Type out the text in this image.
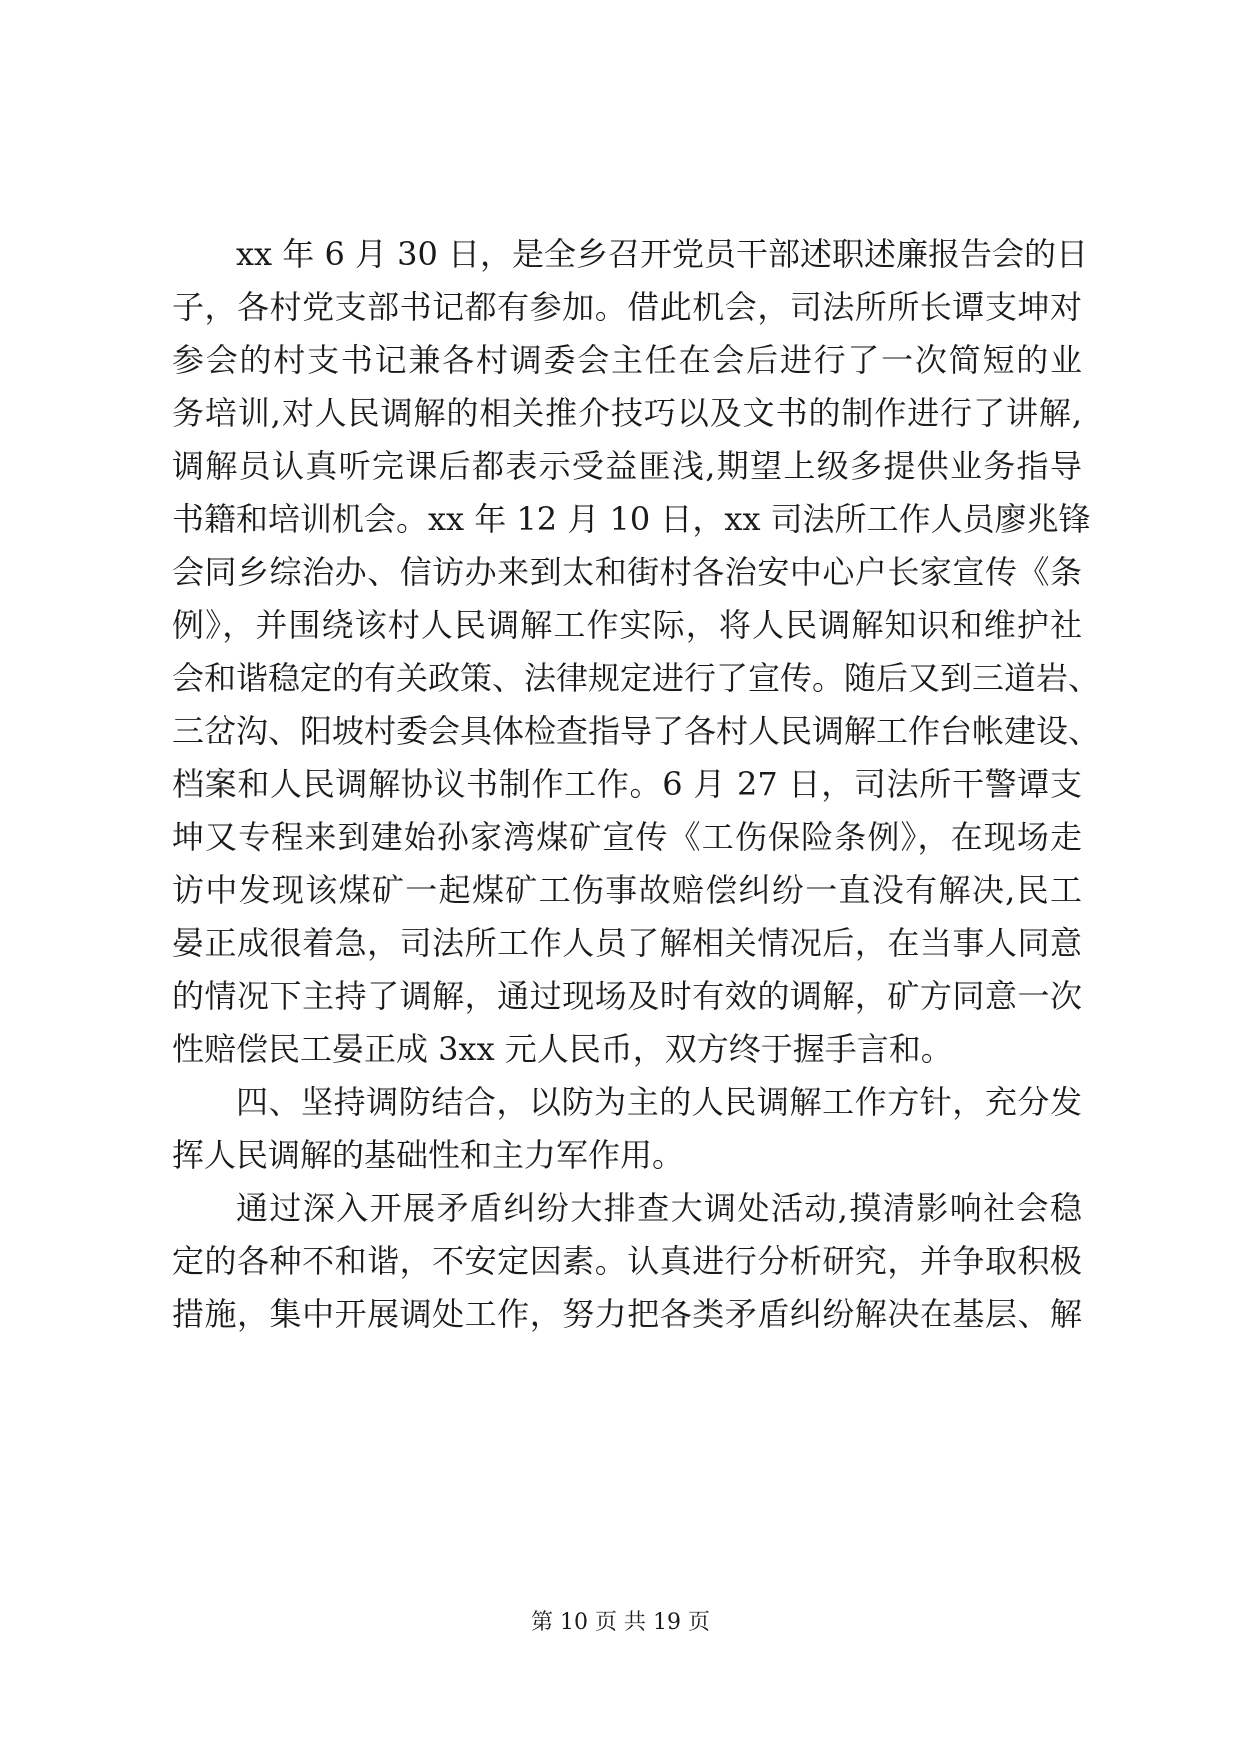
xx 年 6 月 30 日，是全乡召开党员干部述职述廉报告会的日
子，各村党支部书记都有参加。借此机会，司法所所长谭支坤对
参会的村支书记兼各村调委会主任在会后进行了一次简短的业
务培训,对人民调解的相关推介技巧以及文书的制作进行了讲解,
调解员认真听完课后都表示受益匪浅,期望上级多提供业务指导
书籍和培训机会。xx 年 12 月 10 日，xx 司法所工作人员廖兆锋
会同乡综治办、信访办来到太和街村各治安中心户长家宣传《条
例》，并围绕该村人民调解工作实际，将人民调解知识和维护社
会和谐稳定的有关政策、法律规定进行了宣传。随后又到三道岩、
三岔沟、阳坡村委会具体检查指导了各村人民调解工作台帐建设、
档案和人民调解协议书制作工作。6 月 27 日，司法所干警谭支
坤又专程来到建始孙家湾煤矿宣传《工伤保险条例》，在现场走
访中发现该煤矿一起煤矿工伤事故赔偿纠纷一直没有解决,民工
晏正成很着急，司法所工作人员了解相关情况后，在当事人同意
的情况下主持了调解，通过现场及时有效的调解，矿方同意一次
性赔偿民工晏正成 3xx 元人民币，双方终于握手言和。
四、坚持调防结合，以防为主的人民调解工作方针，充分发
挥人民调解的基础性和主力军作用。
通过深入开展矛盾纠纷大排查大调处活动,摸清影响社会稳
定的各种不和谐，不安定因素。认真进行分析研究，并争取积极
措施，集中开展调处工作，努力把各类矛盾纠纷解决在基层、解
第 10 页 共 19 页
